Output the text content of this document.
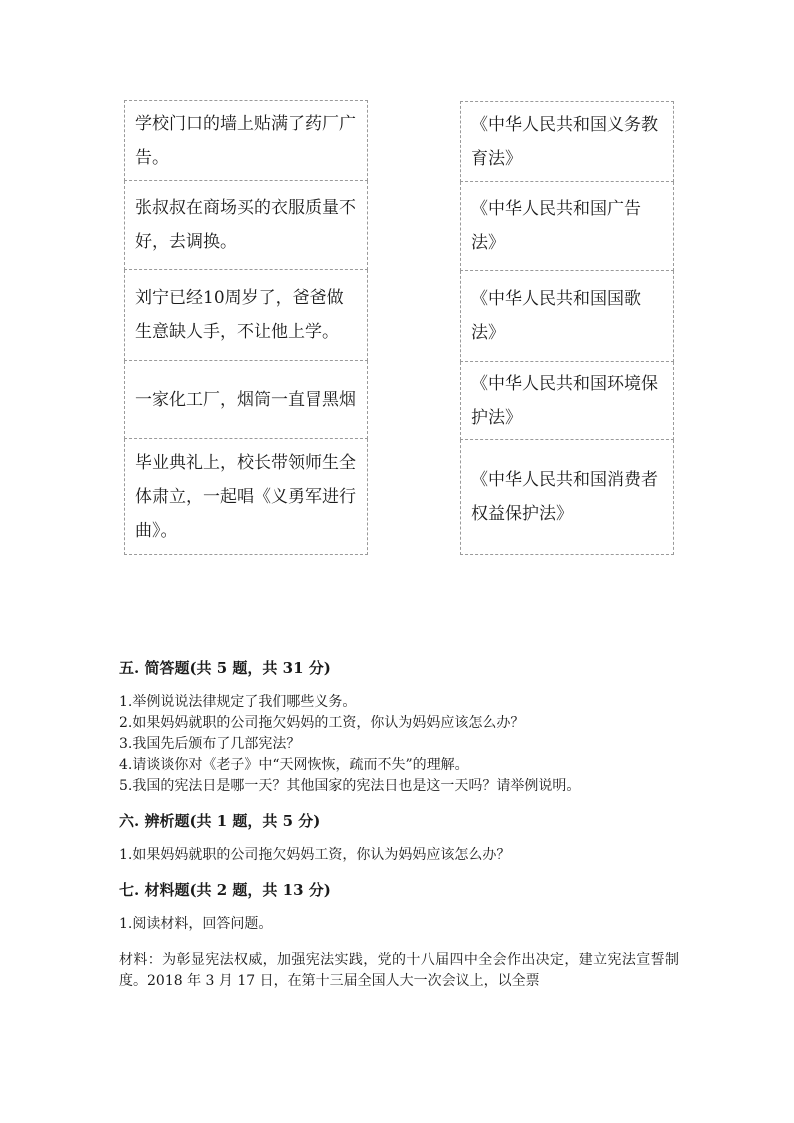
学校门口的墙上贴满了药厂广告。

张叔叔在商场买的衣服质量不好，去调换。

刘宁已经10周岁了，爸爸做生意缺人手，不让他上学。

一家化工厂，烟筒一直冒黑烟

毕业典礼上，校长带领师生全体肃立，一起唱《义勇军进行曲》。
《中华人民共和国义务教育法》

《中华人民共和国广告法》

《中华人民共和国国歌法》

《中华人民共和国环境保护法》

《中华人民共和国消费者权益保护法》

五. 简答题(共 5 题，共 31 分)

1.举例说说法律规定了我们哪些义务。

2.如果妈妈就职的公司拖欠妈妈的工资，你认为妈妈应该怎么办？

3.我国先后颁布了几部宪法？

4.请谈谈你对《老子》中“天网恢恢，疏而不失”的理解。

5.我国的宪法日是哪一天？其他国家的宪法日也是这一天吗？请举例说明。

六. 辨析题(共 1 题，共 5 分)

1.如果妈妈就职的公司拖欠妈妈工资，你认为妈妈应该怎么办？

七. 材料题(共 2 题，共 13 分)

1.阅读材料，回答问题。

材料：为彰显宪法权威，加强宪法实践，党的十八届四中全会作出决定，建立宪法宣誓制度。2018 年 3 月 17 日，在第十三届全国人大一次会议上，以全票
